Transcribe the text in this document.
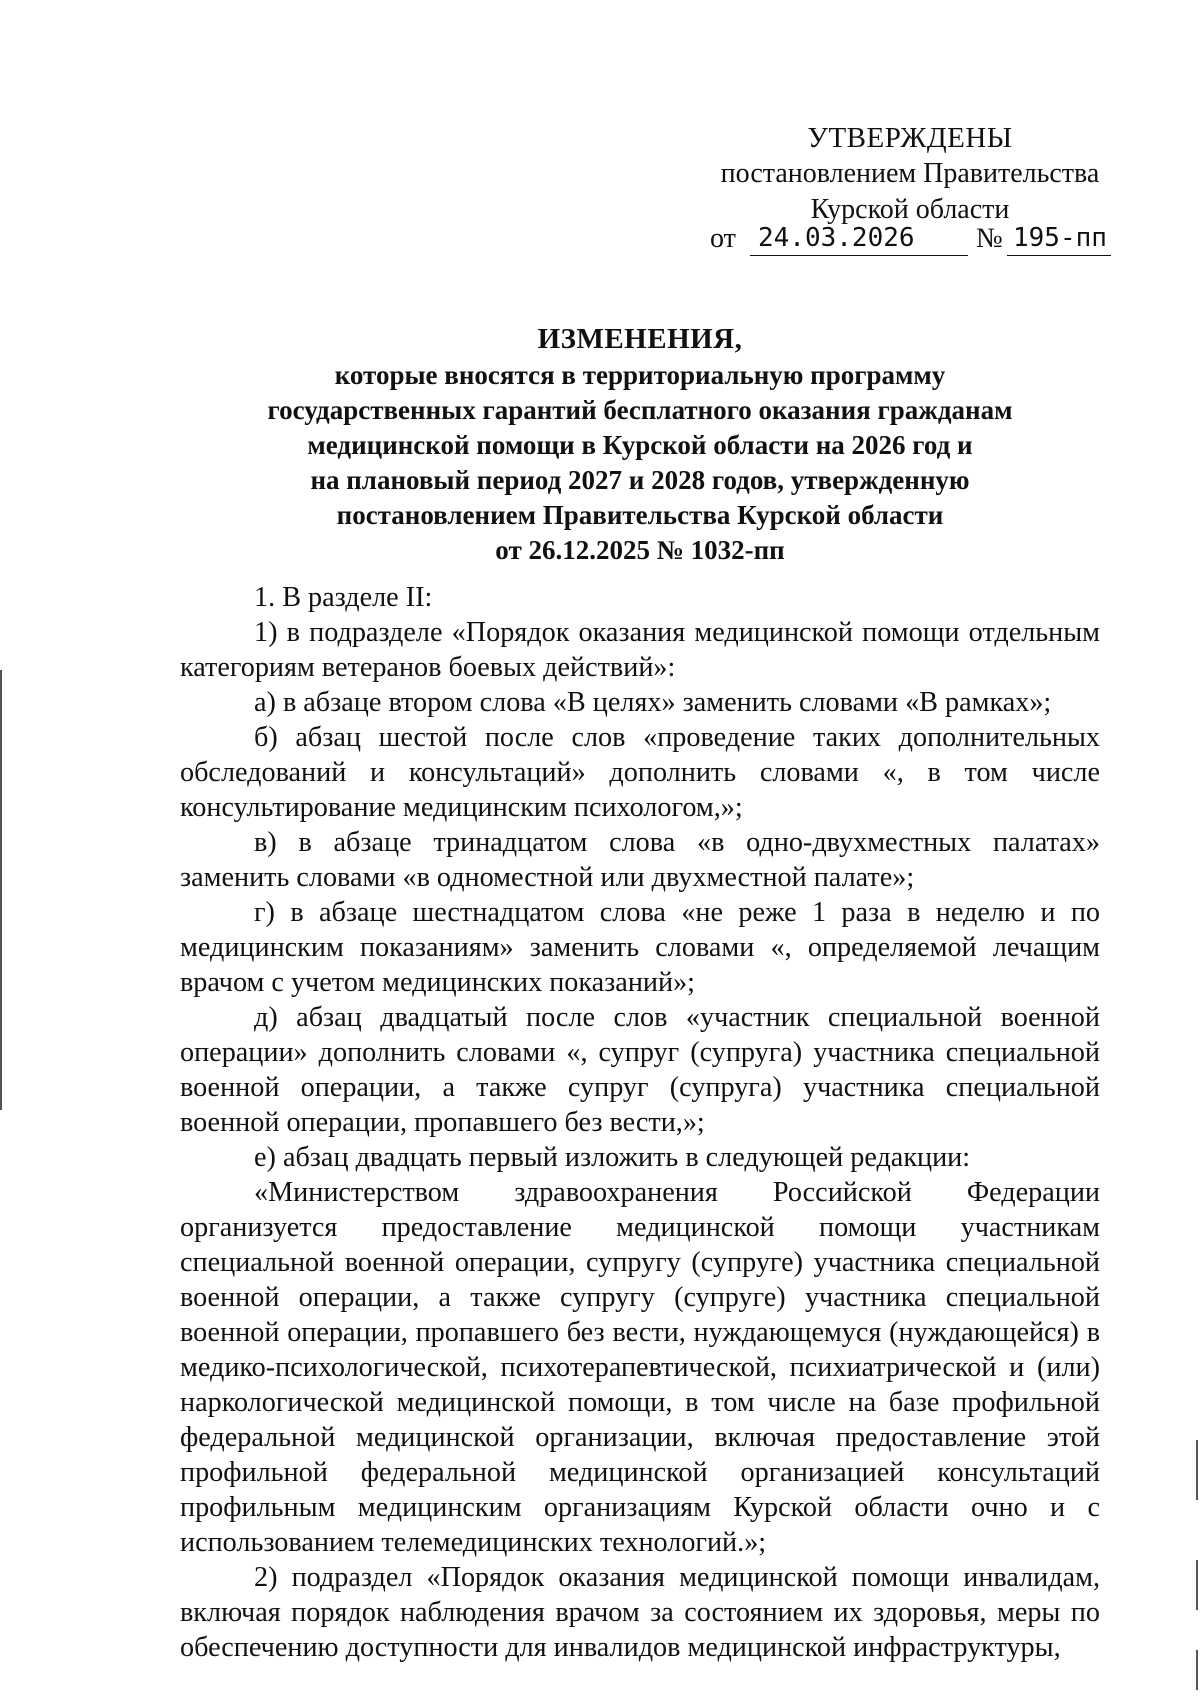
УТВЕРЖДЕНЫ
постановлением Правительства
Курской области
от 24.03.2026	№ 195-пп
ИЗМЕНЕНИЯ,
которые вносятся в территориальную программу
государственных гарантий бесплатного оказания гражданам
медицинской помощи в Курской области на 2026 год и
на плановый период 2027 и 2028 годов, утвержденную
постановлением Правительства Курской области
от 26.12.2025 № 1032-пп

1. В разделе II:

1) в подразделе «Порядок оказания медицинской помощи отдельным категориям ветеранов боевых действий»:

а) в абзаце втором слова «В целях» заменить словами «В рамках»;

б) абзац шестой после слов «проведение таких дополнительных обследований и консультаций» дополнить словами «, в том числе консультирование медицинским психологом,»;

в) в абзаце тринадцатом слова «в одно-двухместных палатах» заменить словами «в одноместной или двухместной палате»;

г) в абзаце шестнадцатом слова «не реже 1 раза в неделю и по медицинским показаниям» заменить словами «, определяемой лечащим врачом с учетом медицинских показаний»;

д) абзац двадцатый после слов «участник специальной военной операции» дополнить словами «, супруг (супруга) участника специальной военной операции, а также супруг (супруга) участника специальной военной операции, пропавшего без вести,»;

е) абзац двадцать первый изложить в следующей редакции:

«Министерством здравоохранения Российской Федерации организуется предоставление медицинской помощи участникам специальной военной операции, супругу (супруге) участника специальной военной операции, а также супругу (супруге) участника специальной военной операции, пропавшего без вести, нуждающемуся (нуждающейся) в медико-психологической, психотерапевтической, психиатрической и (или) наркологической медицинской помощи, в том числе на базе профильной федеральной медицинской организации, включая предоставление этой профильной федеральной медицинской организацией консультаций профильным медицинским организациям Курской области очно и с использованием телемедицинских технологий.»;

2) подраздел «Порядок оказания медицинской помощи инвалидам, включая порядок наблюдения врачом за состоянием их здоровья, меры по обеспечению доступности для инвалидов медицинской инфраструктуры,
